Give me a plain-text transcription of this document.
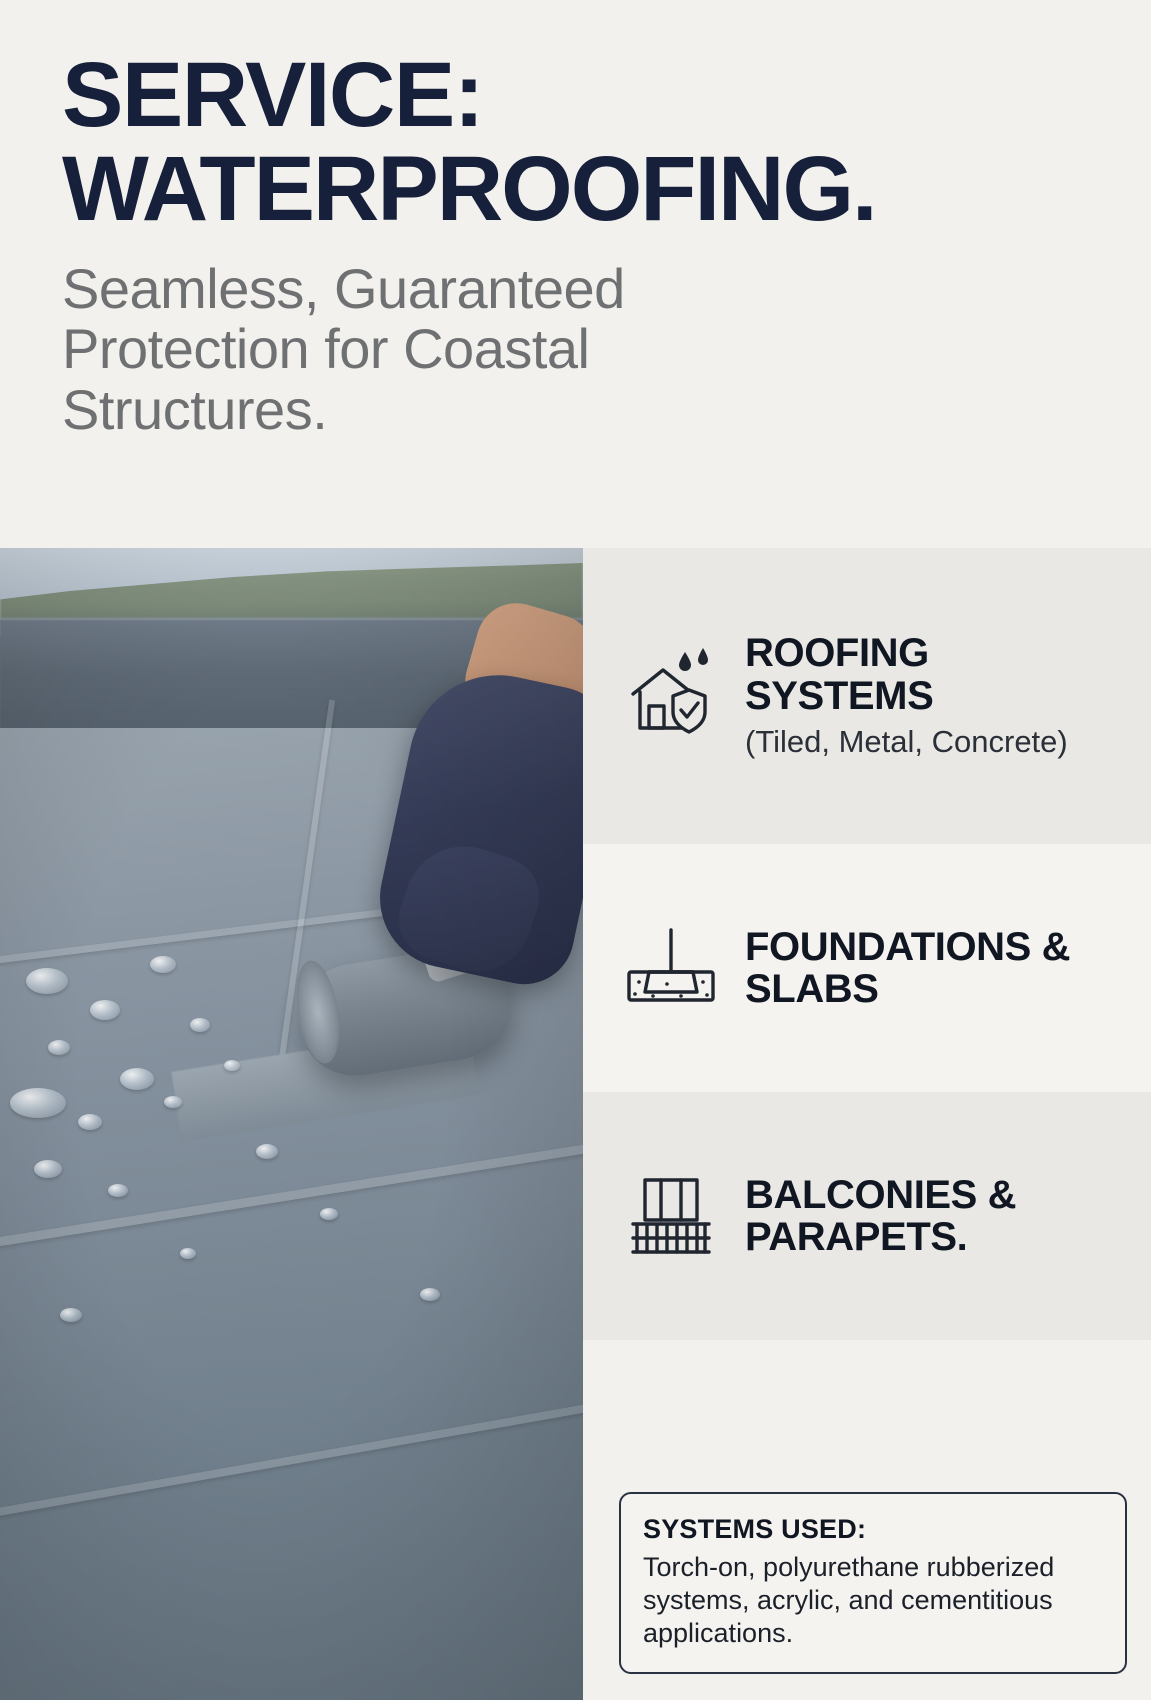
SERVICE:
WATERPROOFING.
Seamless, Guaranteed Protection for Coastal Structures.
ROOFING SYSTEMS
(Tiled, Metal, Concrete)
FOUNDATIONS & SLABS
BALCONIES & PARAPETS.
SYSTEMS USED:
Torch-on, polyurethane rubberized systems, acrylic, and cementitious applications.
